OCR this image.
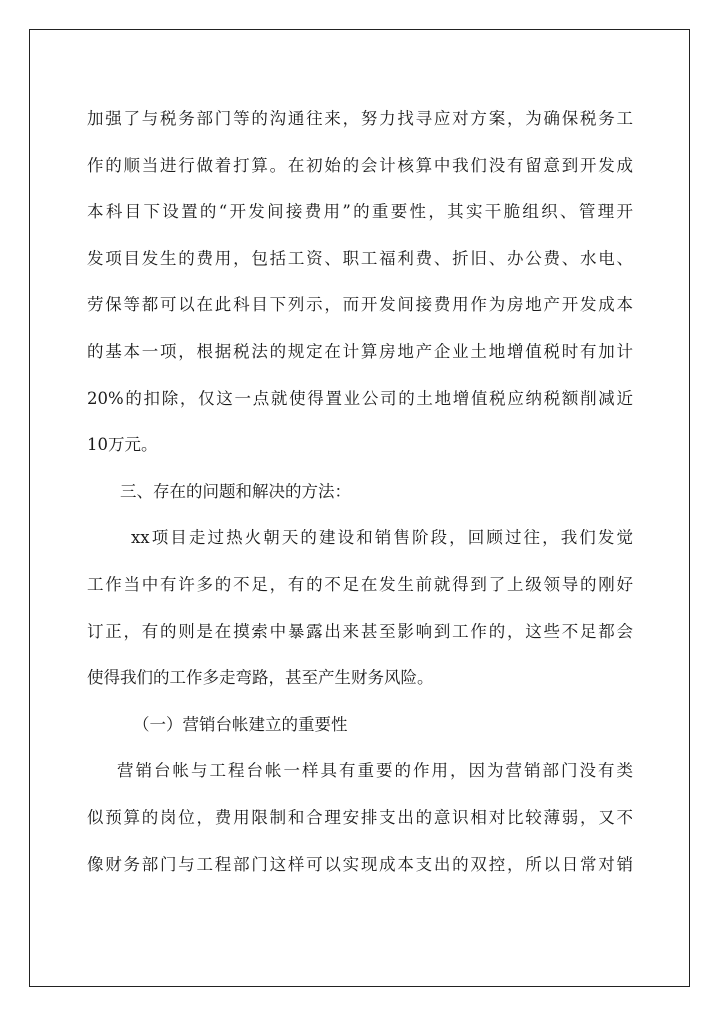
加强了与税务部门等的沟通往来，努力找寻应对方案，为确保税务工
作的顺当进行做着打算。在初始的会计核算中我们没有留意到开发成
本科目下设置的“开发间接费用”的重要性，其实干脆组织、管理开
发项目发生的费用，包括工资、职工福利费、折旧、办公费、水电、
劳保等都可以在此科目下列示，而开发间接费用作为房地产开发成本
的基本一项，根据税法的规定在计算房地产企业土地增值税时有加计
20%的扣除，仅这一点就使得置业公司的土地增值税应纳税额削减近
10万元。
三、存在的问题和解决的方法：
xx项目走过热火朝天的建设和销售阶段，回顾过往，我们发觉
工作当中有许多的不足，有的不足在发生前就得到了上级领导的刚好
订正，有的则是在摸索中暴露出来甚至影响到工作的，这些不足都会
使得我们的工作多走弯路，甚至产生财务风险。
（一）营销台帐建立的重要性
营销台帐与工程台帐一样具有重要的作用，因为营销部门没有类
似预算的岗位，费用限制和合理安排支出的意识相对比较薄弱，又不
像财务部门与工程部门这样可以实现成本支出的双控，所以日常对销
